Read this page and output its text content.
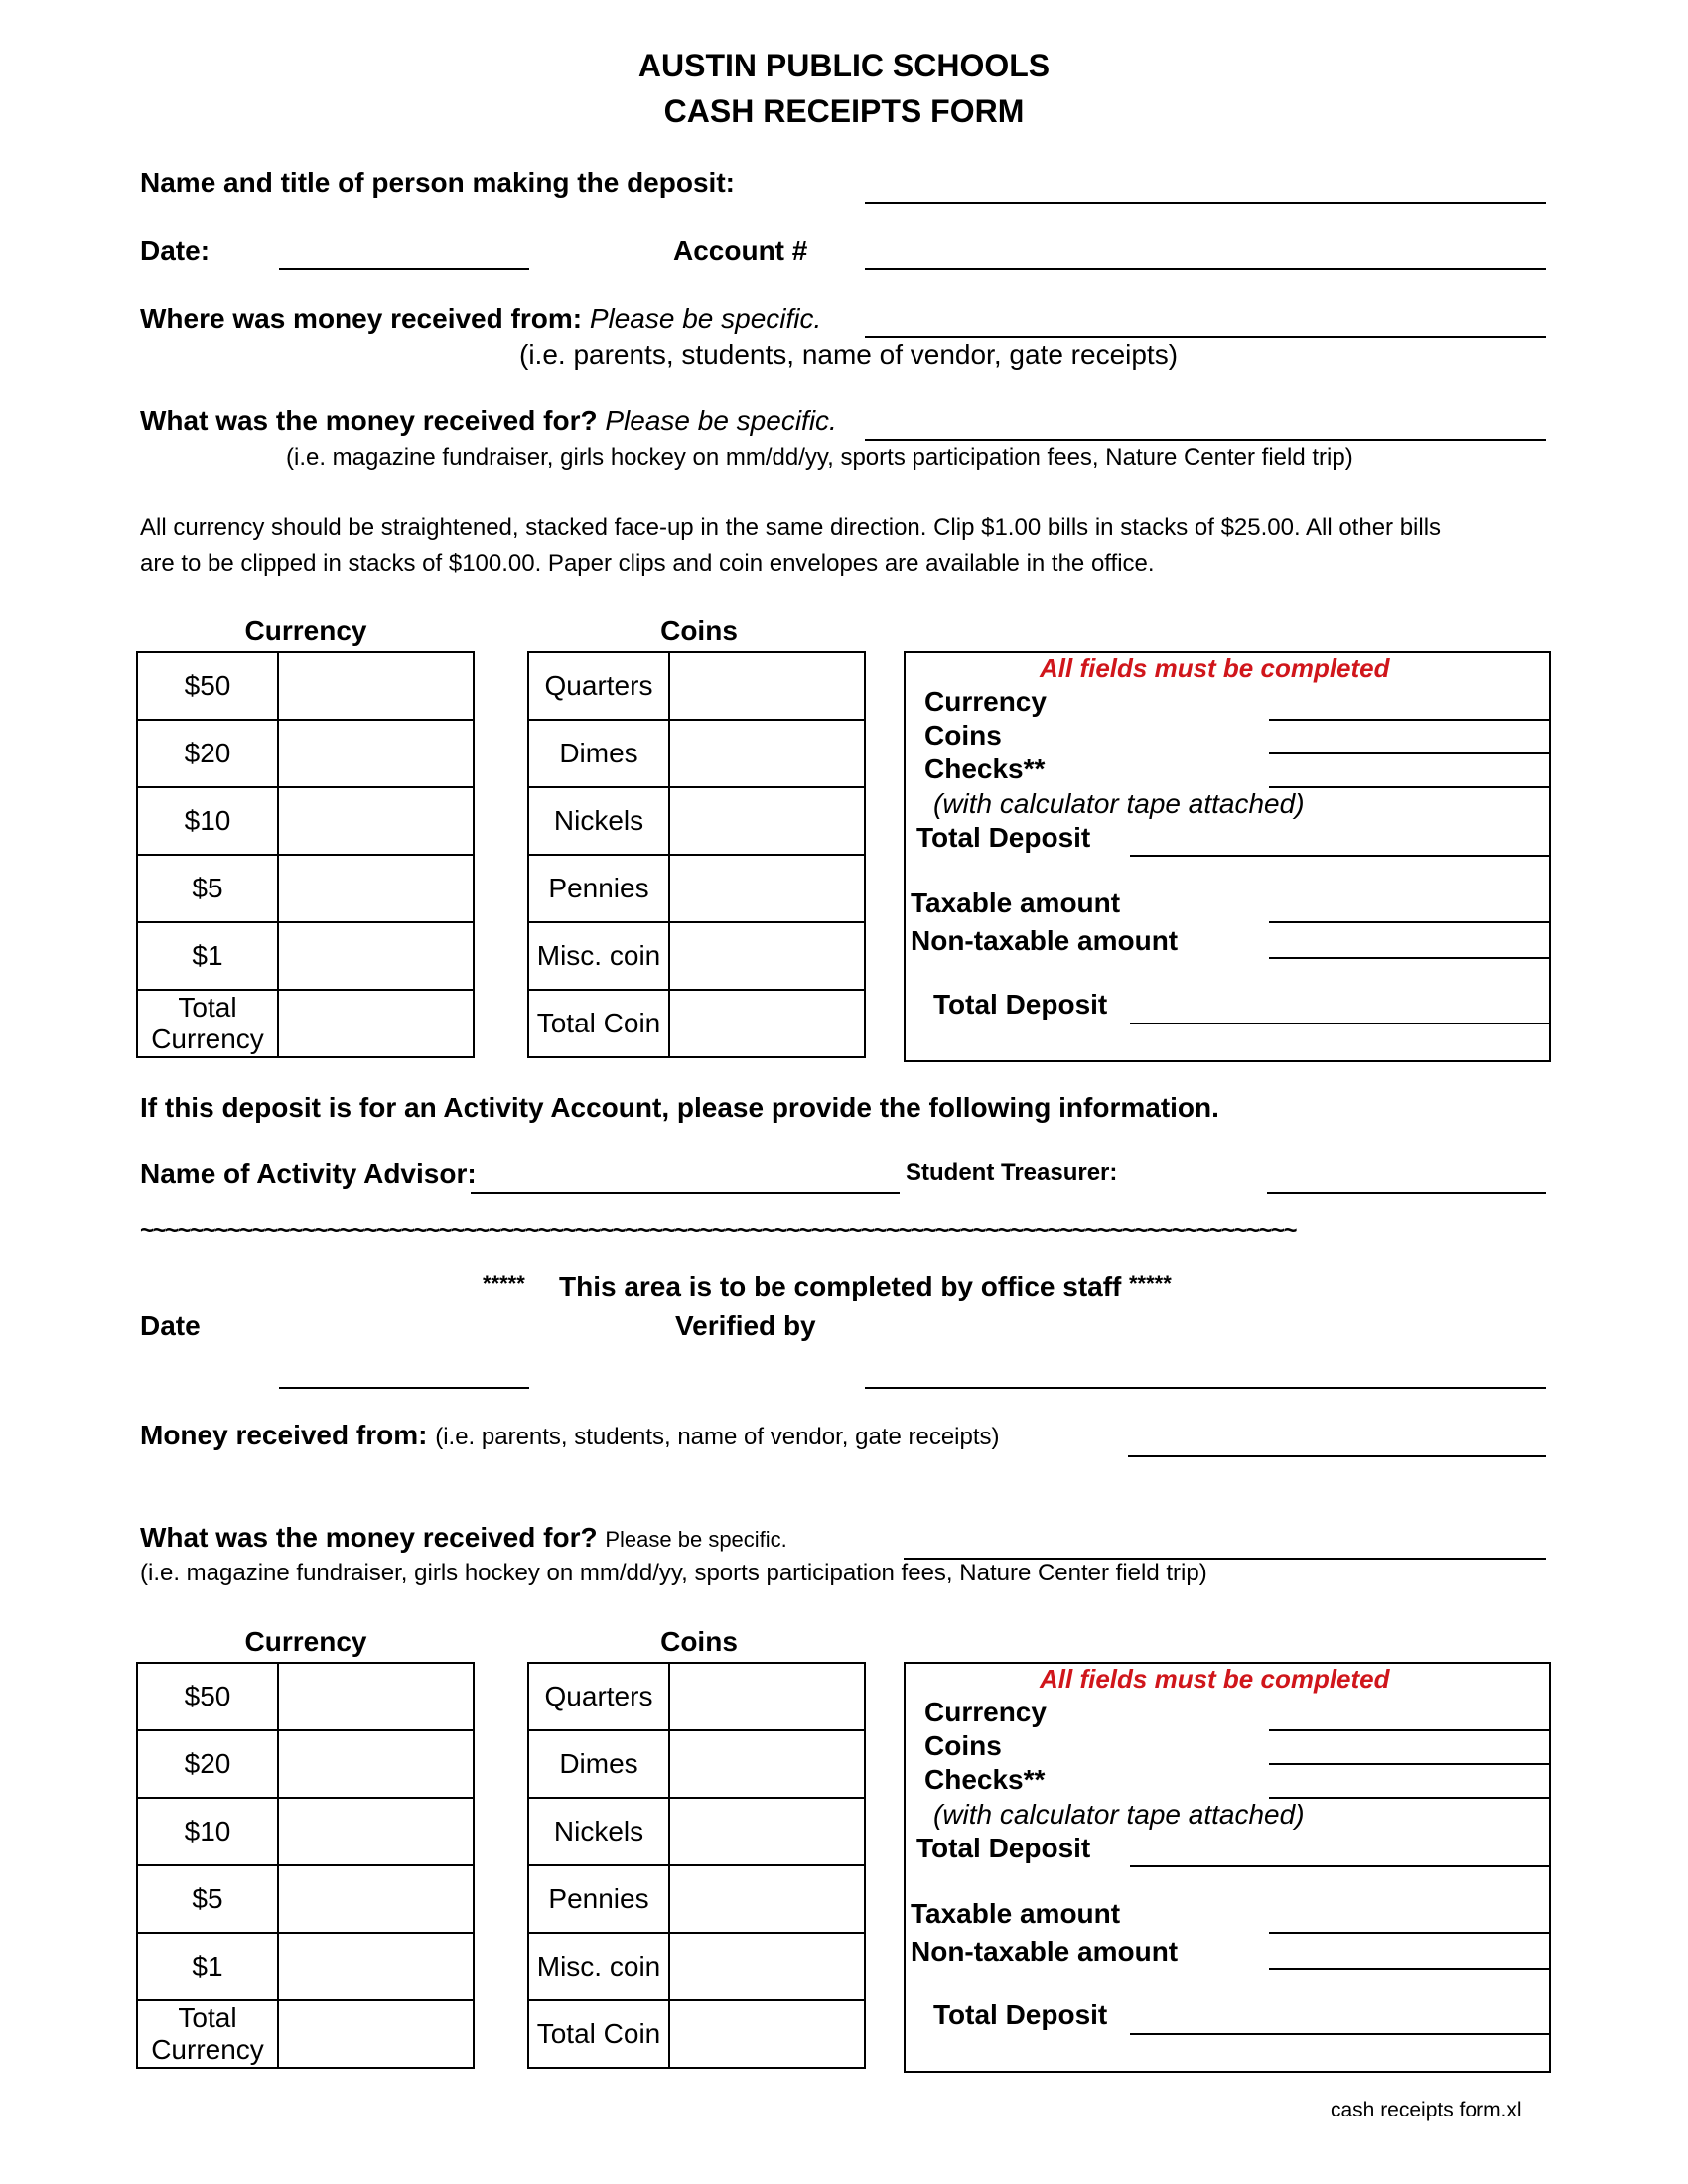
AUSTIN PUBLIC SCHOOLS
CASH RECEIPTS FORM
Name and title of person making the deposit:
Date:	Account #
Where was money received from: Please be specific.
(i.e. parents, students, name of vendor, gate receipts)
What was the money received for? Please be specific.
(i.e. magazine fundraiser, girls hockey on mm/dd/yy, sports participation fees, Nature Center field trip)
All currency should be straightened, stacked face-up in the same direction. Clip $1.00 bills in stacks of $25.00. All other bills
are to be clipped in stacks of $100.00. Paper clips and coin envelopes are available in the office.
Currency	Coins
$50	
$20	
$10	
$5	
$1	
Total
Currency	
Quarters	
Dimes	
Nickels	
Pennies	
Misc. coin	
Total Coin	
All fields must be completed
Currency
Coins
Checks**
(with calculator tape attached)
Total Deposit
Taxable amount
Non-taxable amount
Total Deposit
If this deposit is for an Activity Account, please provide the following information.
Name of Activity Advisor:	Student Treasurer:
~~~~~~~~~~~~~~~~~~~~~~~~~~~~~~~~~~~~~~~~~~~~~~~~~~~~~~~~~~~~~~~~~~~~~~~~~~~~~~~~~~~~~~~~~~~~~
***** This area is to be completed by office staff *****
Date	Verified by
Money received from: (i.e. parents, students, name of vendor, gate receipts)
What was the money received for? Please be specific.
(i.e. magazine fundraiser, girls hockey on mm/dd/yy, sports participation fees, Nature Center field trip)
Currency	Coins
$50	
$20	
$10	
$5	
$1	
Total
Currency	
Quarters	
Dimes	
Nickels	
Pennies	
Misc. coin	
Total Coin	
All fields must be completed
Currency
Coins
Checks**
(with calculator tape attached)
Total Deposit
Taxable amount
Non-taxable amount
Total Deposit
cash receipts form.xl
